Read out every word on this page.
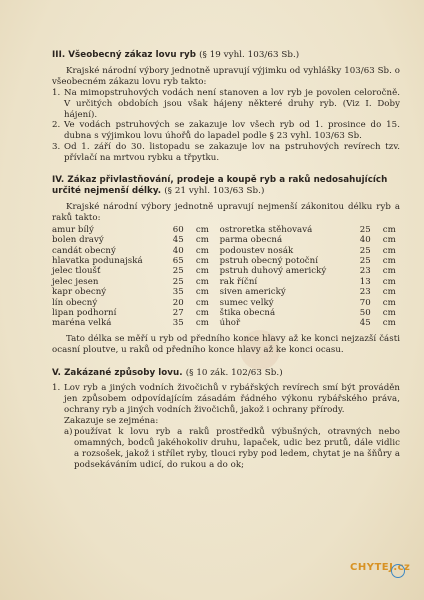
III. Všeobecný zákaz lovu ryb (§ 19 vyhl. 103/63 Sb.)
Krajské národní výbory jednotně upravují výjimku od vyhlášky 103/63 Sb. o všeobecném zákazu lovu ryb takto:
1. Na mimopstruhových vodách není stanoven a lov ryb je povolen celoročně. V určitých obdobích jsou však hájeny některé druhy ryb. (Viz I. Doby hájení).
2. Ve vodách pstruhových se zakazuje lov všech ryb od 1. prosince do 15. dubna s výjimkou lovu úhořů do lapadel podle § 23 vyhl. 103/63 Sb.
3. Od 1. září do 30. listopadu se zakazuje lov na pstruhových revírech tzv. přívlačí na mrtvou rybku a třpytku.
IV. Zákaz přivlastňování, prodeje a koupě ryb a raků nedosahujících určité nejmenší délky. (§ 21 vyhl. 103/63 Sb.)
Krajské národní výbory jednotně upravují nejmenší zákonitou délku ryb a raků takto:
amur bílý	60	cm	ostroretka stěhovavá	25	cm
bolen dravý	45	cm	parma obecná	40	cm
candát obecný	40	cm	podoustev nosák	25	cm
hlavatka podunajská	65	cm	pstruh obecný potoční	25	cm
jelec tloušť	25	cm	pstruh duhový americký	23	cm
jelec jesen	25	cm	rak říční	13	cm
kapr obecný	35	cm	siven americký	23	cm
lín obecný	20	cm	sumec velký	70	cm
lipan podhorní	27	cm	štika obecná	50	cm
maréna velká	35	cm	úhoř	45	cm
Tato délka se měří u ryb od předního konce hlavy až ke konci nejzazší části ocasní ploutve, u raků od předního konce hlavy až ke konci ocasu.
V. Zakázané způsoby lovu. (§ 10 zák. 102/63 Sb.)
1. Lov ryb a jiných vodních živočichů v rybářských revírech smí být prováděn jen způsobem odpovídajícím zásadám řádného výkonu rybářského práva, ochrany ryb a jiných vodních živočichů, jakož i ochrany přírody.
Zakazuje se zejména:
a) používat k lovu ryb a raků prostředků výbušných, otravných nebo omamných, bodců jakéhokoliv druhu, lapaček, udic bez prutů, dále vidlic a rozsošek, jakož i střílet ryby, tlouci ryby pod ledem, chytat je na šňůry a podsekáváním udicí, do rukou a do ok;
CHYTEJ.cz
